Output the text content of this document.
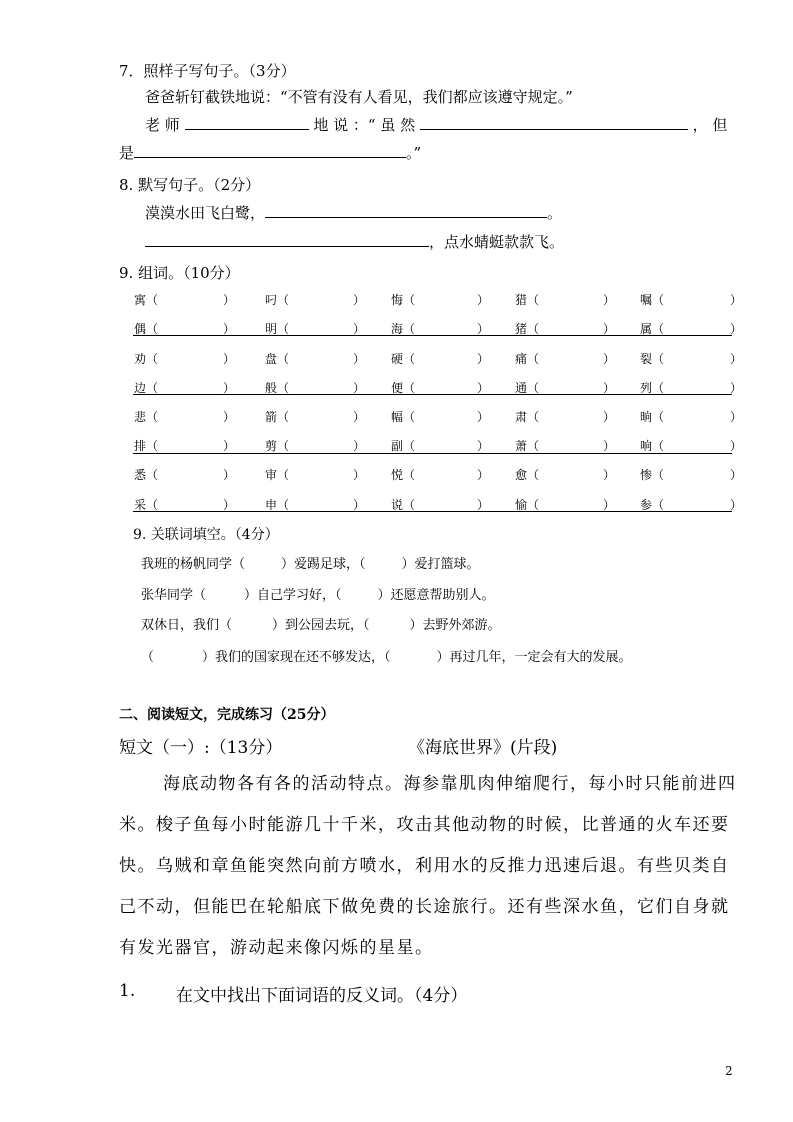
7．照样子写句子。（3分）
爸爸斩钉截铁地说：“不管有没有人看见，我们都应该遵守规定。”
老 师	地 说 ：“ 虽 然	， 但
是	。”
8. 默写句子。（2分）
漠漠水田飞白鹭，	。
，点水蜻蜓款款飞。
9. 组词。（10分）
寓（	） 叼（	） 悔（	） 猎（	） 嘱（	）
偶（	） 明（	） 海（	） 猪（	） 属（	）
劝（	） 盘（	） 硬（	） 痛（	） 裂（	）
边（	） 般（	） 便（	） 通（	） 列（	）
悲（	） 箭（	） 幅（	） 肃（	） 晌（	）
排（	） 剪（	） 副（	） 萧（	） 响（	）
悉（	） 审（	） 悦（	） 愈（	） 惨（	）
采（	） 申（	） 说（	） 愉（	） 参（	）
9. 关联词填空。（4分）
我班的杨帆同学（	）爱踢足球，（	）爱打篮球。
张华同学（	）自己学习好，（	）还愿意帮助别人。
双休日，我们（	）到公园去玩，（	）去野外郊游。
（	）我们的国家现在还不够发达，（	）再过几年，一定会有大的发展。
二、阅读短文，完成练习（25分）
短文（一）:（13分）	《海底世界》(片段)
海底动物各有各的活动特点。海参靠肌肉伸缩爬行，每小时只能前进四米。梭子鱼每小时能游几十千米，攻击其他动物的时候，比普通的火车还要快。乌贼和章鱼能突然向前方喷水，利用水的反推力迅速后退。有些贝类自己不动，但能巴在轮船底下做免费的长途旅行。还有些深水鱼，它们自身就有发光器官，游动起来像闪烁的星星。
1. 在文中找出下面词语的反义词。（4分）
2
